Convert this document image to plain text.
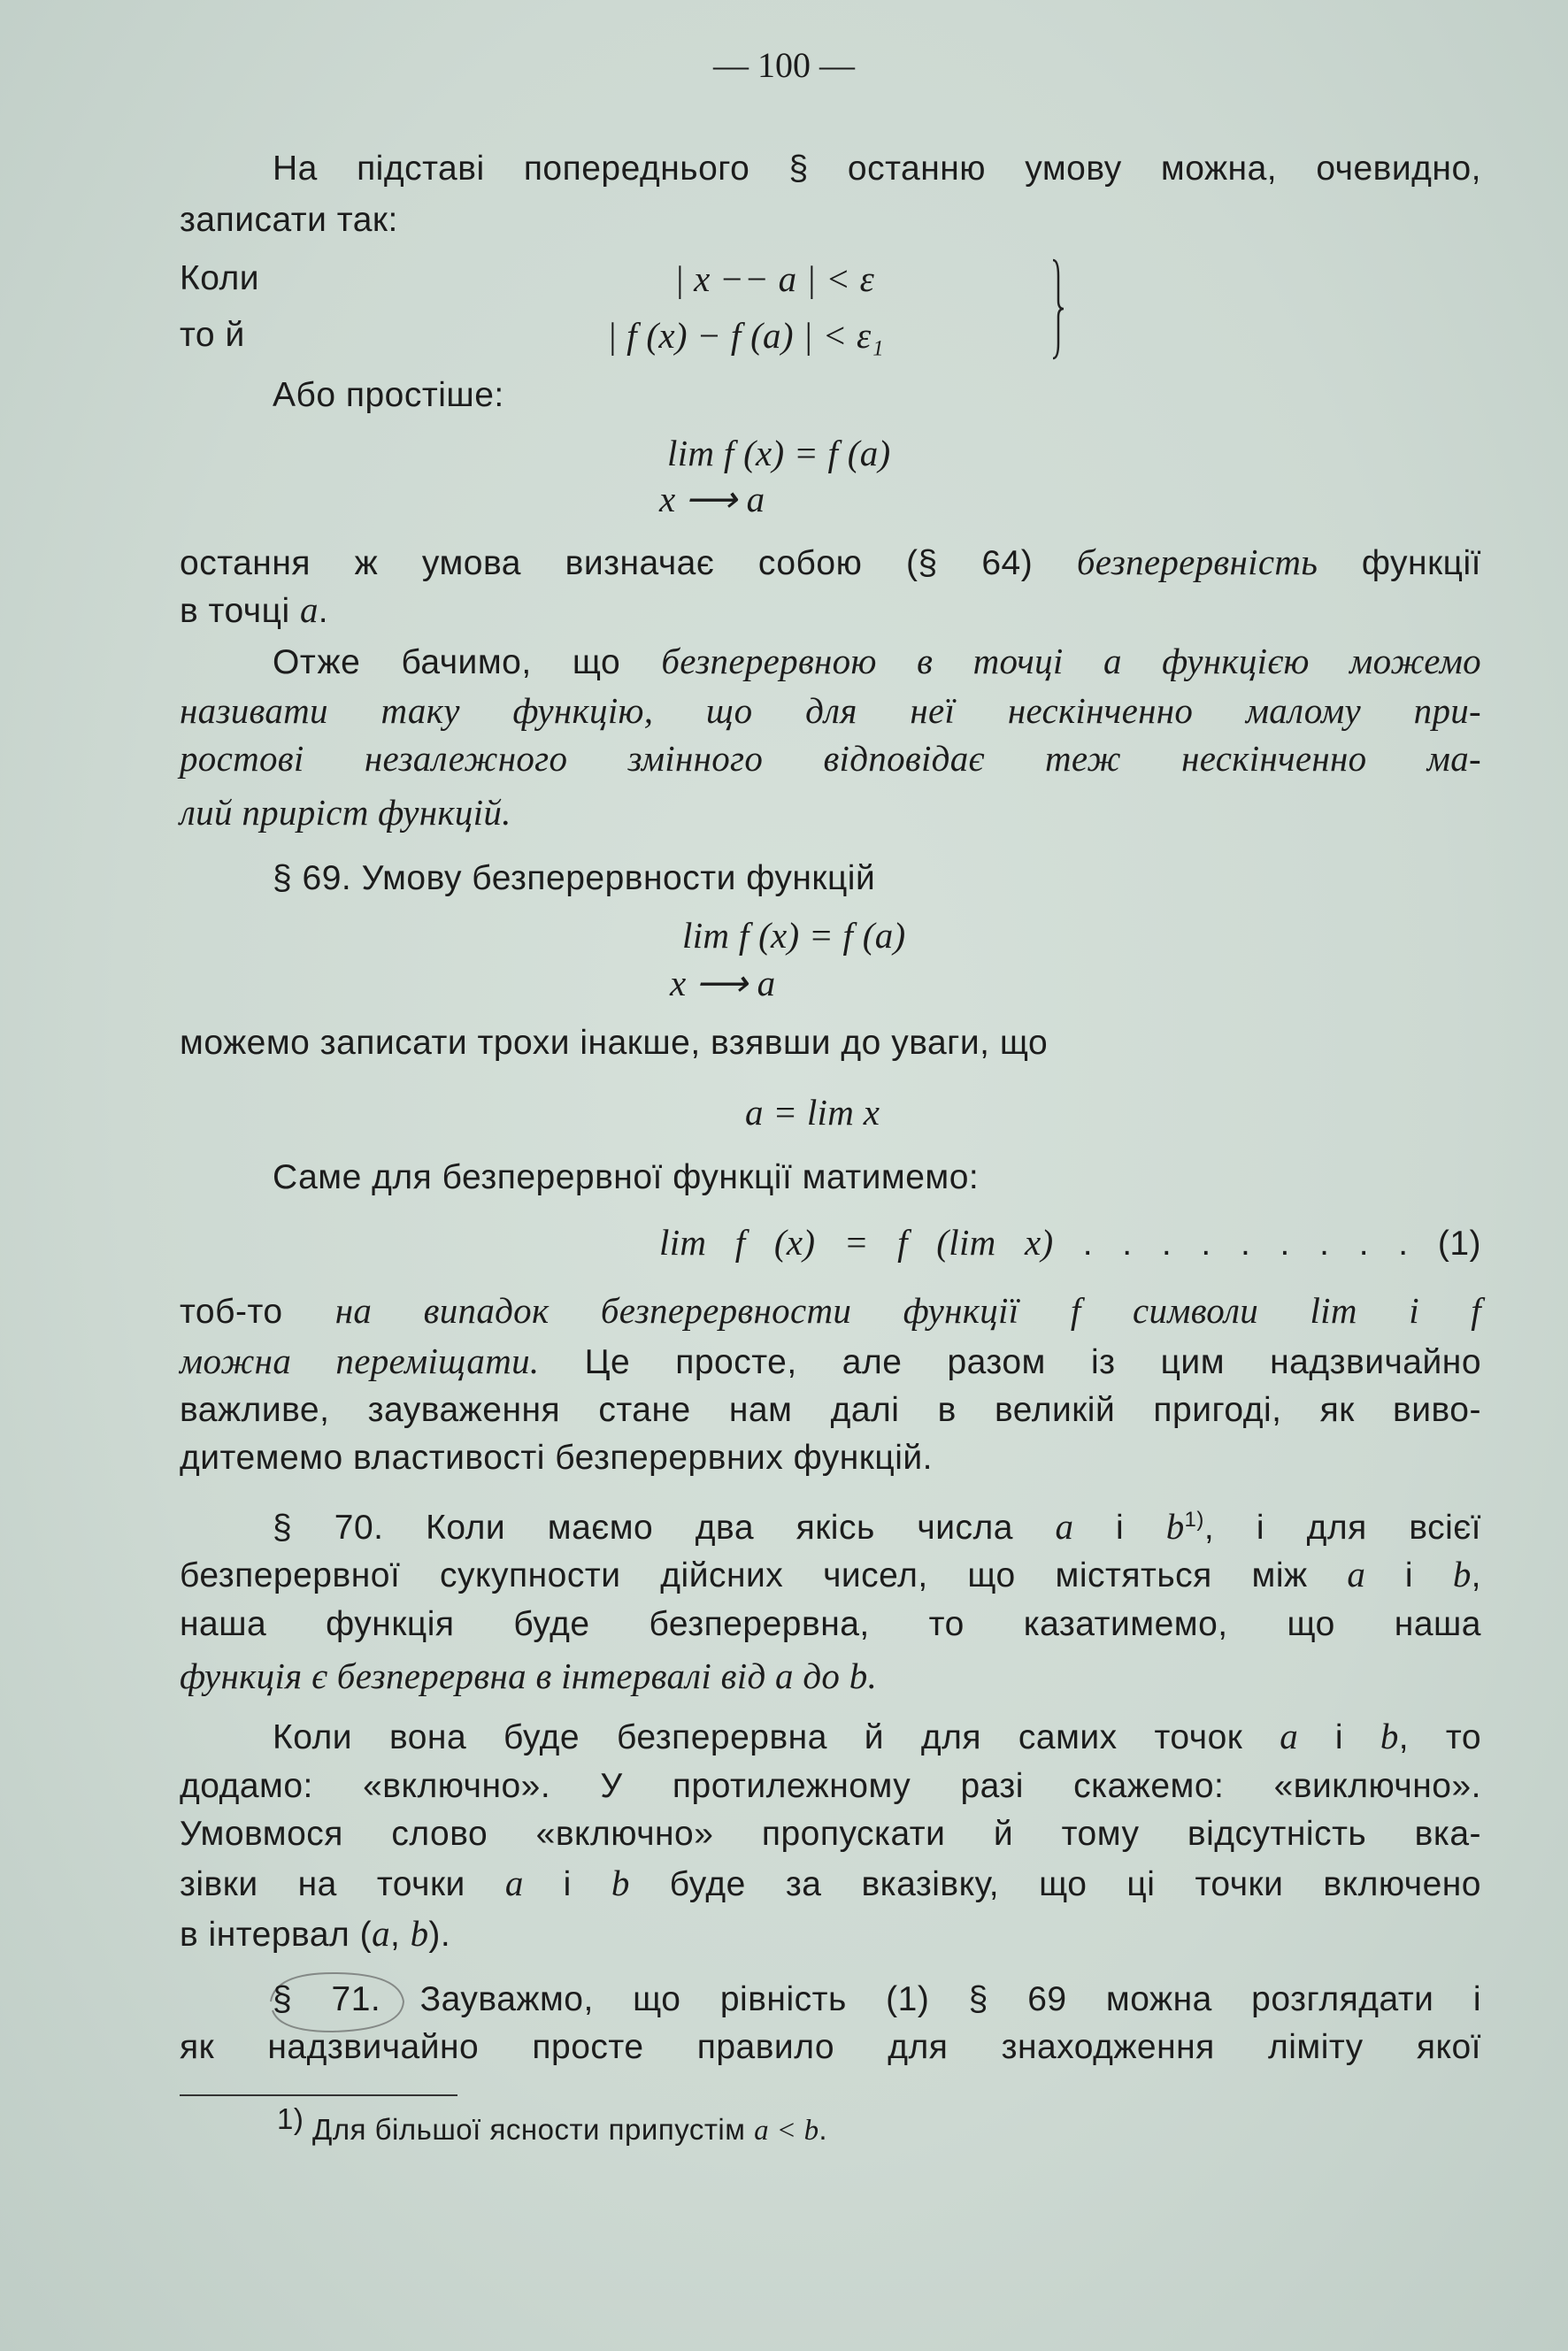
— 100 —
На підставі попереднього § останню умову можна, очевидно,
записати так:
Коли	| x −− a | < ε
то й	| f (x) − f (a) | < ε₁
Або простіше:
lim f (x) = f (a)
x ⟶ a
остання ж умова визначає собою (§ 64) безперервність функції
в точці a.
Отже бачимо, що безперервною в точці a функцією можемо
називати таку функцію, що для неї нескінченно малому при-
ростові незалежного змінного відповідає теж нескінченно ма-
лий приріст функцій.
§ 69. Умову безперервности функцій
lim f (x) = f (a)
x ⟶ a
можемо записати трохи інакше, взявши до уваги, що
a = lim x
Саме для безперервної функції матимемо:
lim f (x) = f (lim x) . . . . . . . . . (1)
тоб-то на випадок безперервности функції f символи lim і f
можна переміщати. Це просте, але разом із цим надзвичайно
важливе, зауваження стане нам далі в великій пригоді, як виво-
дитемемо властивості безперервних функцій.
§ 70. Коли маємо два якісь числа a і $b^{1)}$, і для всієї
безперервної сукупности дійсних чисел, що містяться між a і b,
наша функція буде безперервна, то казатимемо, що наша
функція є безперервна в інтервалі від a до b.
Коли вона буде безперервна й для самих точок a і b, то
додамо: «включно». У протилежному разі скажемо: «виключно».
Умовмося слово «включно» пропускати й тому відсутність вка-
зівки на точки a і b буде за вказівку, що ці точки включено
в інтервал (a, b).
§ 71. Зауважмо, що рівність (1) § 69 можна розглядати і
як надзвичайно просте правило для знаходження ліміту якої
1) Для більшої ясности припустім a < b.
